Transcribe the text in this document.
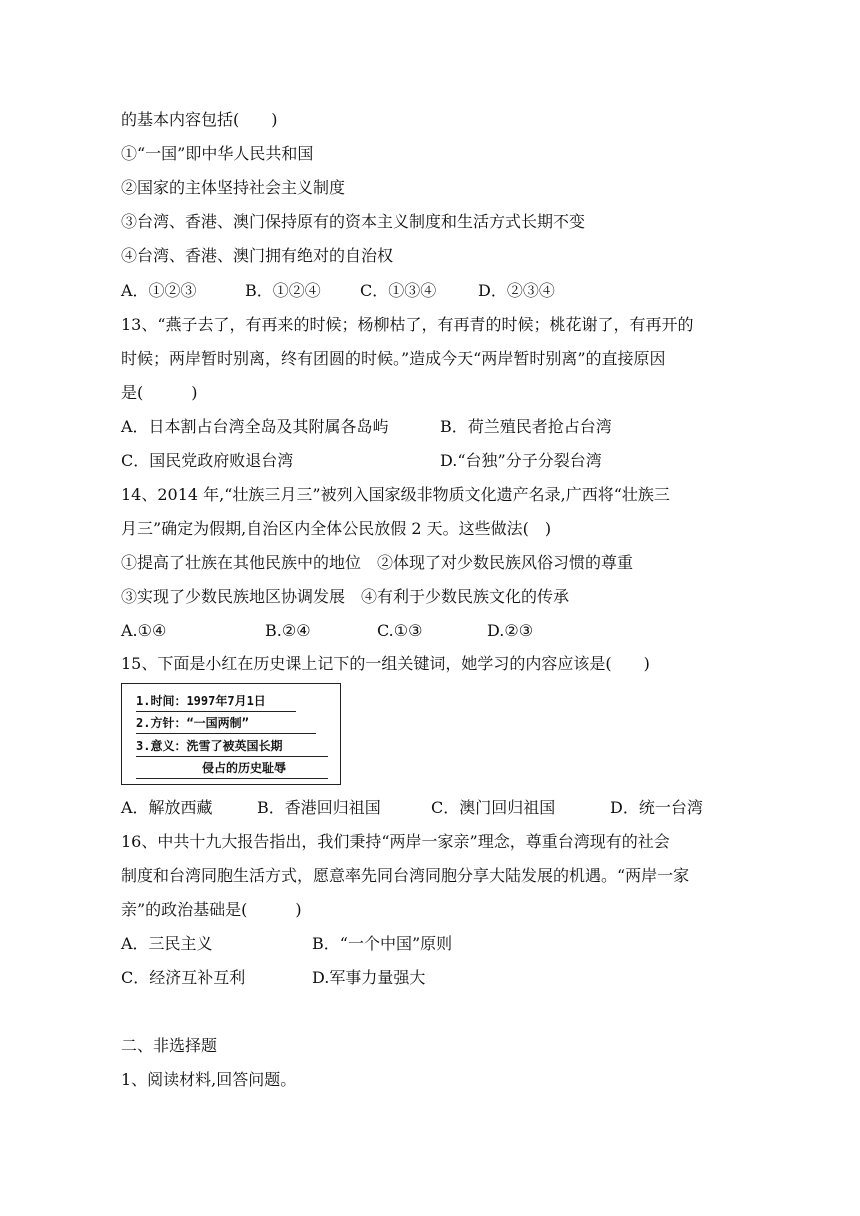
的基本内容包括(　　)
①“一国”即中华人民共和国
②国家的主体坚持社会主义制度
③台湾、香港、澳门保持原有的资本主义制度和生活方式长期不变
④台湾、香港、澳门拥有绝对的自治权
A．①②③	B．①②④ C．①③④	D．②③④
13、“燕子去了，有再来的时候；杨柳枯了，有再青的时候；桃花谢了，有再开的
时候；两岸暂时别离，终有团圆的时候。”造成今天“两岸暂时别离”的直接原因
是(　　　)
A．日本割占台湾全岛及其附属各岛屿	B．荷兰殖民者抢占台湾
C．国民党政府败退台湾	D.“台独”分子分裂台湾
14、2014 年,“壮族三月三”被列入国家级非物质文化遗产名录,广西将“壮族三
月三”确定为假期,自治区内全体公民放假 2 天。这些做法(　)
①提高了壮族在其他民族中的地位　②体现了对少数民族风俗习惯的尊重
③实现了少数民族地区协调发展　④有利于少数民族文化的传承
A.①④	B.②④	C.①③	D.②③
15、下面是小红在历史课上记下的一组关键词，她学习的内容应该是(　　)
1.时间：1997年7月1日
2.方针：“一国两制”
3.意义：洗雪了被英国长期
侵占的历史耻辱
A．解放西藏	B．香港回归祖国	C．澳门回归祖国	D．统一台湾
16、中共十九大报告指出，我们秉持“两岸一家亲”理念，尊重台湾现有的社会
制度和台湾同胞生活方式，愿意率先同台湾同胞分享大陆发展的机遇。“两岸一家
亲”的政治基础是(　　　)
A．三民主义	B．“一个中国”原则
C．经济互补互利	D.军事力量强大
二、非选择题
1、阅读材料,回答问题。
